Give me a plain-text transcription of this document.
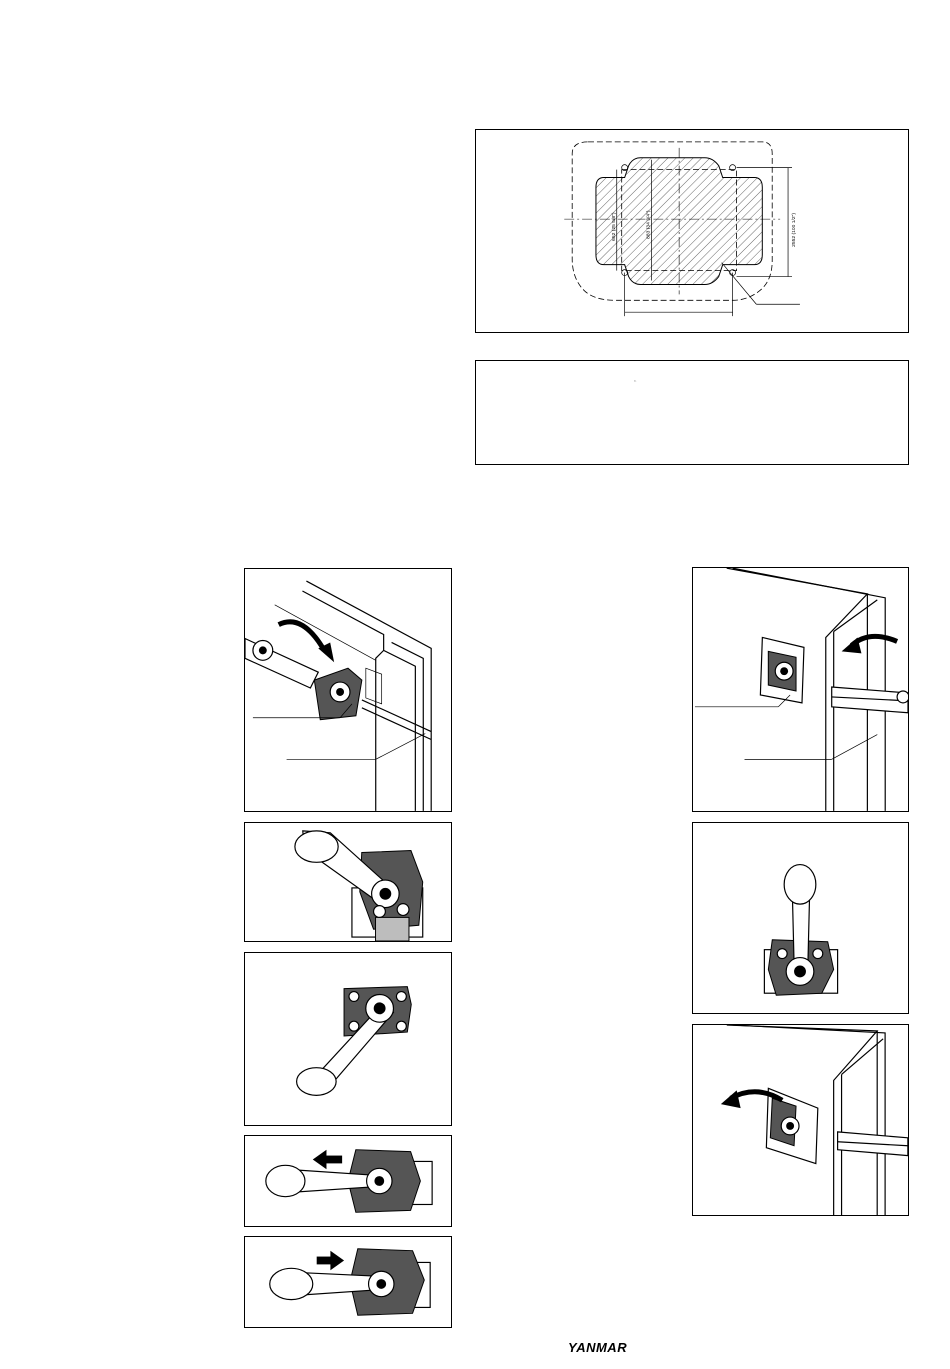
2552 (100 1/2")
652 (25 5/8")	883 (34 3/4")
YANMAR
